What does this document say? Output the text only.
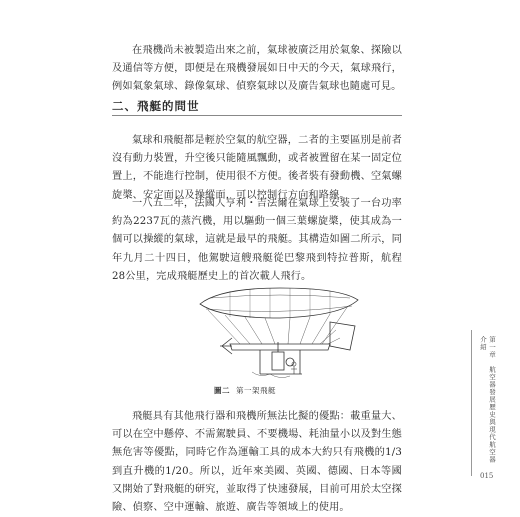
在飛機尚未被製造出來之前，氣球被廣泛用於氣象、探險以及通信等方便，即便是在飛機發展如日中天的今天，氣球飛行，例如氣象氣球、錄像氣球、偵察氣球以及廣告氣球也隨處可見。

二、飛艇的問世

氣球和飛艇都是輕於空氣的航空器，二者的主要區別是前者沒有動力裝置，升空後只能隨風飄動，或者被置留在某一固定位置上，不能進行控制，使用很不方便。後者裝有發動機、空氣螺旋槳、安定面以及操縱面，可以控制行方向和路線。

一八五二年，法國人亨利・吉法爾在氣球上安裝了一台功率約為2237瓦的蒸汽機，用以驅動一個三葉螺旋槳，使其成為一個可以操縱的氣球，這就是最早的飛艇。其構造如圖二所示，同年九月二十四日，他駕駛這艘飛艇從巴黎飛到特拉普斯，航程28公里，完成飛艇歷史上的首次載人飛行。

圖二 第一架飛艇

飛艇具有其他飛行器和飛機所無法比擬的優點：載重量大、可以在空中懸停、不需駕駛員、不要機場、耗油量小以及對生態無危害等優點，同時它作為運輸工具的成本大約只有飛機的1/3到直升機的1/20。所以，近年來美國、英國、德國、日本等國又開始了對飛艇的研究，並取得了快速發展，目前可用於太空探險、偵察、空中運輸、旅遊、廣告等領域上的使用。

第一章　航空器發展歷史與現代航空器介紹
015
